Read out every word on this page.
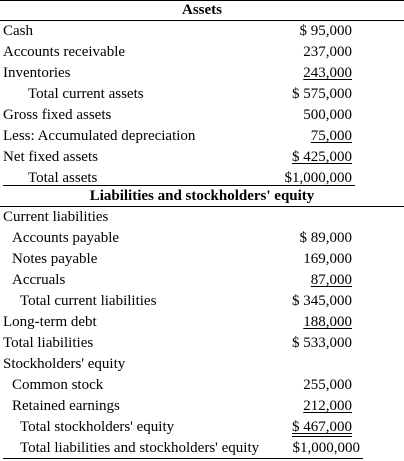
Assets
Cash	$ 95,000
Accounts receivable	237,000
Inventories	243,000
Total current assets	$ 575,000
Gross fixed assets	500,000
Less: Accumulated depreciation	75,000
Net fixed assets	$ 425,000
Total assets	$1,000,000
Liabilities and stockholders' equity
Current liabilities
Accounts payable	$ 89,000
Notes payable	169,000
Accruals	87,000
Total current liabilities	$ 345,000
Long-term debt	188,000
Total liabilities	$ 533,000
Stockholders' equity
Common stock	255,000
Retained earnings	212,000
Total stockholders' equity	$ 467,000
Total liabilities and stockholders' equity $1,000,000
